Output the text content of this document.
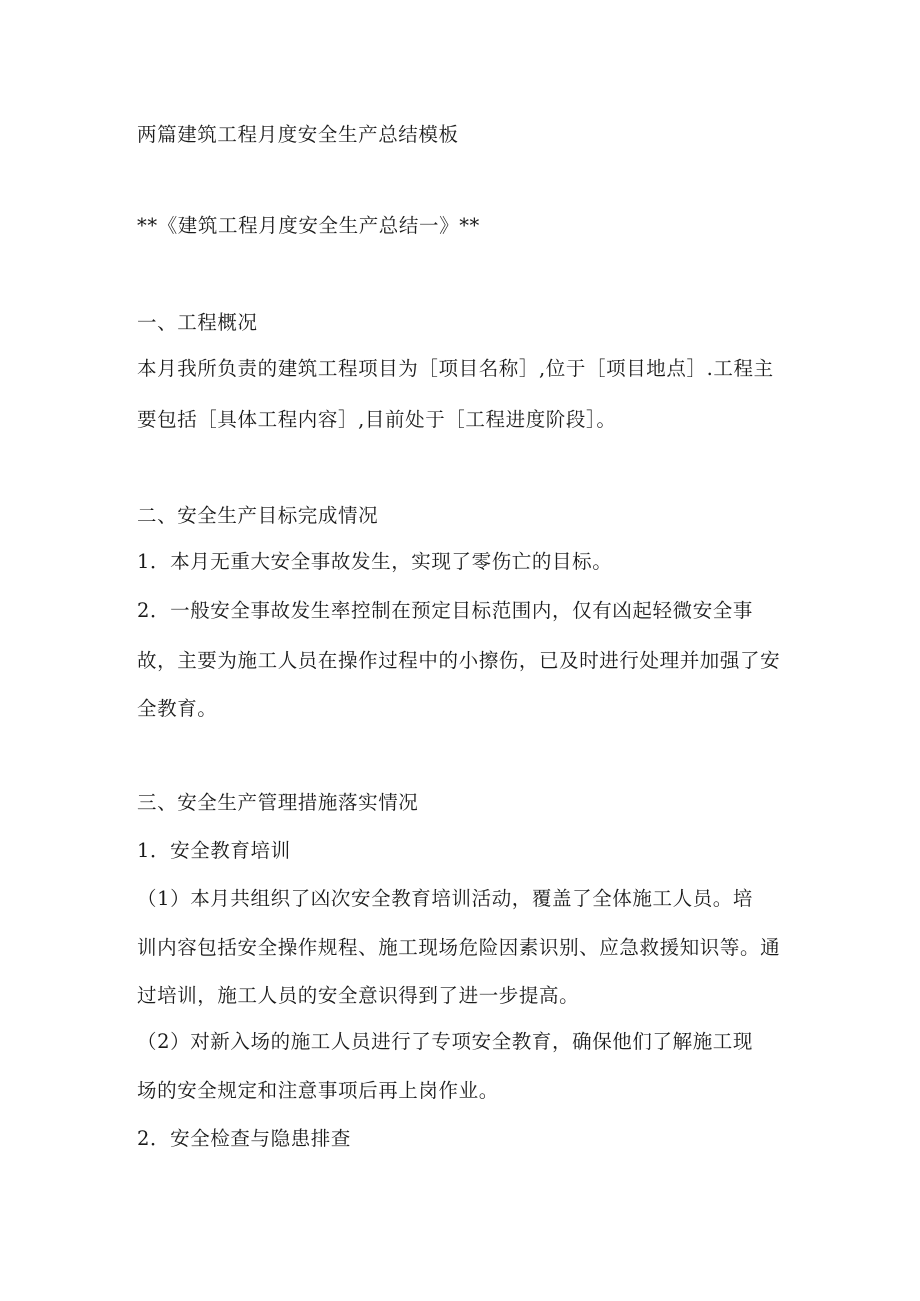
两篇建筑工程月度安全生产总结模板
**《建筑工程月度安全生产总结一》**
一、工程概况
本月我所负责的建筑工程项目为［项目名称］,位于［项目地点］.工程主
要包括［具体工程内容］,目前处于［工程进度阶段］。
二、安全生产目标完成情况
1．本月无重大安全事故发生，实现了零伤亡的目标。
2．一般安全事故发生率控制在预定目标范围内，仅有凶起轻微安全事
故，主要为施工人员在操作过程中的小擦伤，已及时进行处理并加强了安
全教育。
三、安全生产管理措施落实情况
1．安全教育培训
（1）本月共组织了凶次安全教育培训活动，覆盖了全体施工人员。培
训内容包括安全操作规程、施工现场危险因素识别、应急救援知识等。通
过培训，施工人员的安全意识得到了进一步提高。
（2）对新入场的施工人员进行了专项安全教育，确保他们了解施工现
场的安全规定和注意事项后再上岗作业。
2．安全检查与隐患排查
